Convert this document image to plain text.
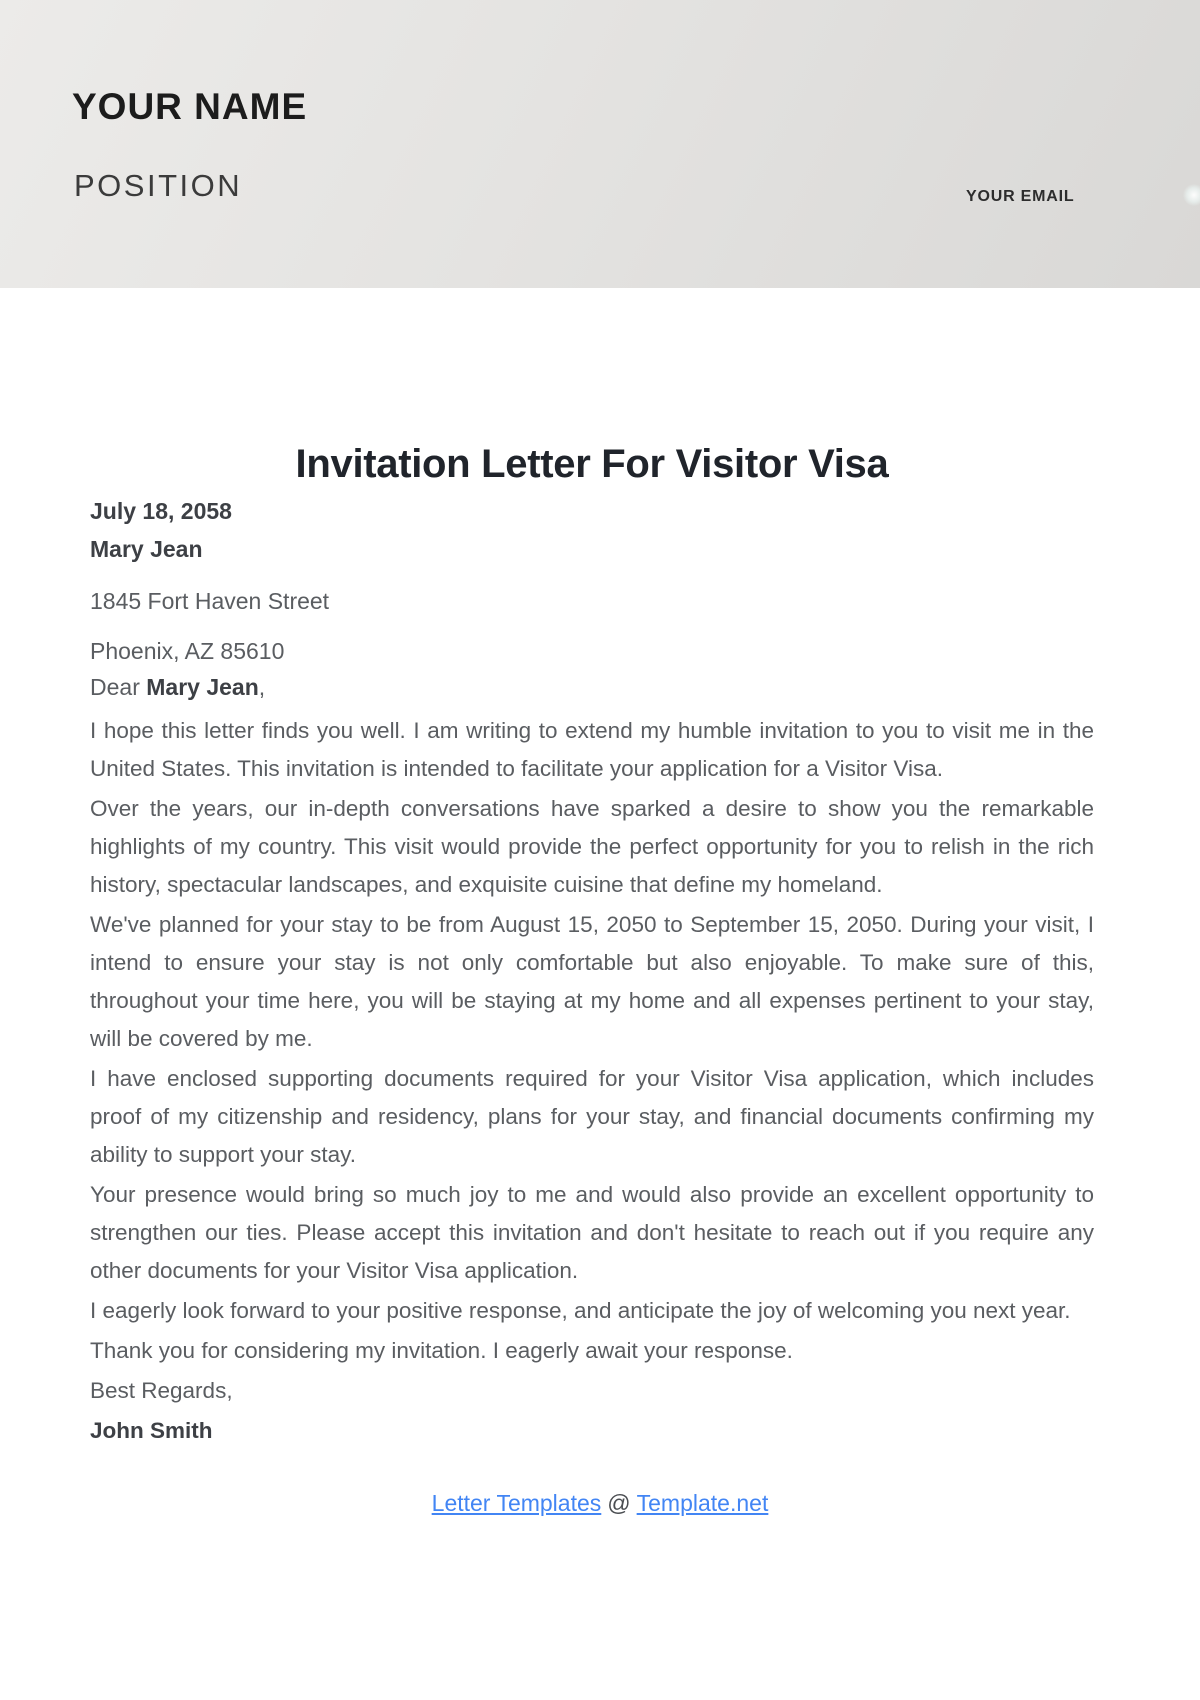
YOUR NAME
POSITION	YOUR EMAIL
Invitation Letter For Visitor Visa

July 18, 2058

Mary Jean

1845 Fort Haven Street

Phoenix, AZ 85610

Dear Mary Jean,

I hope this letter finds you well. I am writing to extend my humble invitation to you to visit me in the United States. This invitation is intended to facilitate your application for a Visitor Visa.

Over the years, our in-depth conversations have sparked a desire to show you the remarkable highlights of my country. This visit would provide the perfect opportunity for you to relish in the rich history, spectacular landscapes, and exquisite cuisine that define my homeland.

We've planned for your stay to be from August 15, 2050 to September 15, 2050. During your visit, I intend to ensure your stay is not only comfortable but also enjoyable. To make sure of this, throughout your time here, you will be staying at my home and all expenses pertinent to your stay, will be covered by me.

I have enclosed supporting documents required for your Visitor Visa application, which includes proof of my citizenship and residency, plans for your stay, and financial documents confirming my ability to support your stay.

Your presence would bring so much joy to me and would also provide an excellent opportunity to strengthen our ties. Please accept this invitation and don't hesitate to reach out if you require any other documents for your Visitor Visa application.

I eagerly look forward to your positive response, and anticipate the joy of welcoming you next year.

Thank you for considering my invitation. I eagerly await your response.

Best Regards,

John Smith

Letter Templates @ Template.net
